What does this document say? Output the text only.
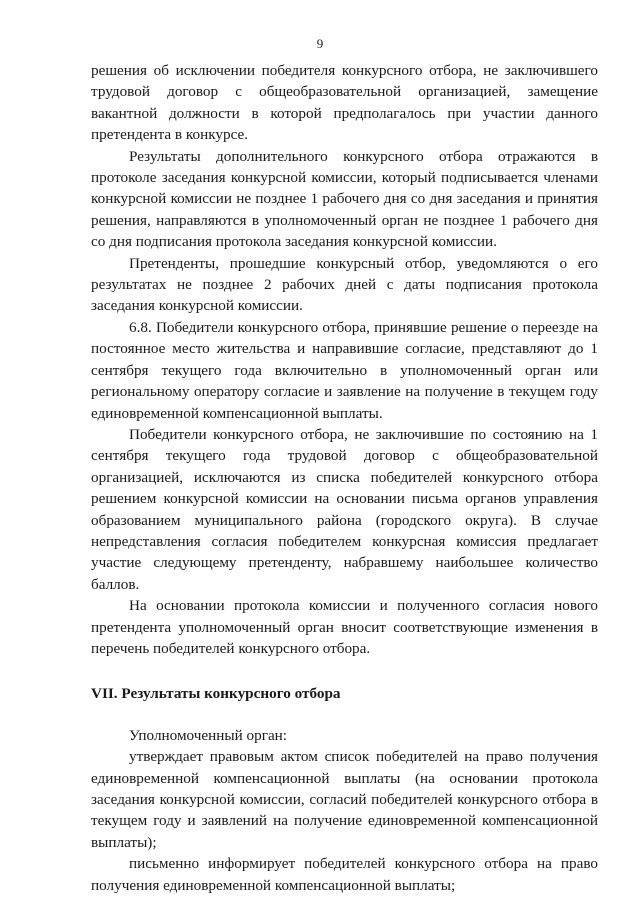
9

решения об исключении победителя конкурсного отбора, не заключившего трудовой договор с общеобразовательной организацией, замещение вакантной должности в которой предполагалось при участии данного претендента в конкурсе.

Результаты дополнительного конкурсного отбора отражаются в протоколе заседания конкурсной комиссии, который подписывается членами конкурсной комиссии не позднее 1 рабочего дня со дня заседания и принятия решения, направляются в уполномоченный орган не позднее 1 рабочего дня со дня подписания протокола заседания конкурсной комиссии.

Претенденты, прошедшие конкурсный отбор, уведомляются о его результатах не позднее 2 рабочих дней с даты подписания протокола заседания конкурсной комиссии.

6.8. Победители конкурсного отбора, принявшие решение о переезде на постоянное место жительства и направившие согласие, представляют до 1 сентября текущего года включительно в уполномоченный орган или региональному оператору согласие и заявление на получение в текущем году единовременной компенсационной выплаты.

Победители конкурсного отбора, не заключившие по состоянию на 1 сентября текущего года трудовой договор с общеобразовательной организацией, исключаются из списка победителей конкурсного отбора решением конкурсной комиссии на основании письма органов управления образованием муниципального района (городского округа). В случае непредставления согласия победителем конкурсная комиссия предлагает участие следующему претенденту, набравшему наибольшее количество баллов.

На основании протокола комиссии и полученного согласия нового претендента уполномоченный орган вносит соответствующие изменения в перечень победителей конкурсного отбора.

VII. Результаты конкурсного отбора

Уполномоченный орган:

утверждает правовым актом список победителей на право получения единовременной компенсационной выплаты (на основании протокола заседания конкурсной комиссии, согласий победителей конкурсного отбора в текущем году и заявлений на получение единовременной компенсационной выплаты);

письменно информирует победителей конкурсного отбора на право получения единовременной компенсационной выплаты;
